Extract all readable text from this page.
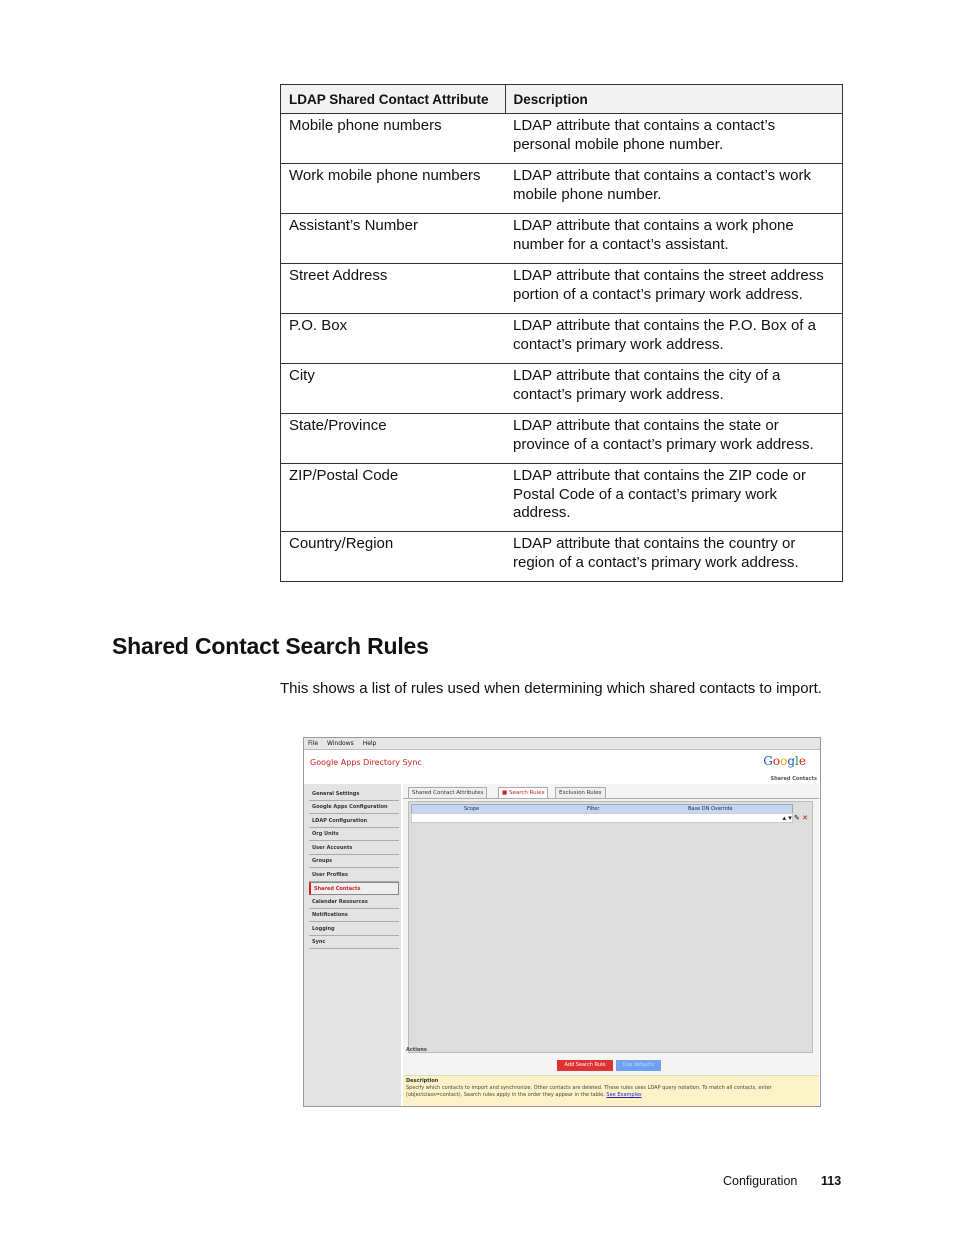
LDAP Shared Contact Attribute	Description
Mobile phone numbers	LDAP attribute that contains a contact’s personal mobile phone number.
Work mobile phone numbers	LDAP attribute that contains a contact’s work mobile phone number.
Assistant’s Number	LDAP attribute that contains a work phone number for a contact’s assistant.
Street Address	LDAP attribute that contains the street address portion of a contact’s primary work address.
P.O. Box	LDAP attribute that contains the P.O. Box of a contact’s primary work address.
City	LDAP attribute that contains the city of a contact’s primary work address.
State/Province	LDAP attribute that contains the state or province of a contact’s primary work address.
ZIP/Postal Code	LDAP attribute that contains the ZIP code or Postal Code of a contact’s primary work address.
Country/Region	LDAP attribute that contains the country or region of a contact’s primary work address.
Shared Contact Search Rules

This shows a list of rules used when determining which shared contacts to import.

File Windows Help
Google Apps Directory Sync	Google
Shared Contacts
General Settings
Google Apps Configuration
LDAP Configuration
Org Units
User Accounts
Groups
User Profiles
Shared Contacts
Calendar Resources
Notifications
Logging
Sync
Shared Contact Attributes	■ Search Rules	Exclusion Rules
Scope	Filter	Base DN Override
▴ ▾ ✎ ✕
Actions
Add Search Rule	Use defaults
Description
Specify which contacts to import and synchronize. Other contacts are deleted. These rules uses LDAP query notation. To match all contacts, enter (objectclass=contact). Search rules apply in the order they appear in the table. See Examples
Configuration 113
